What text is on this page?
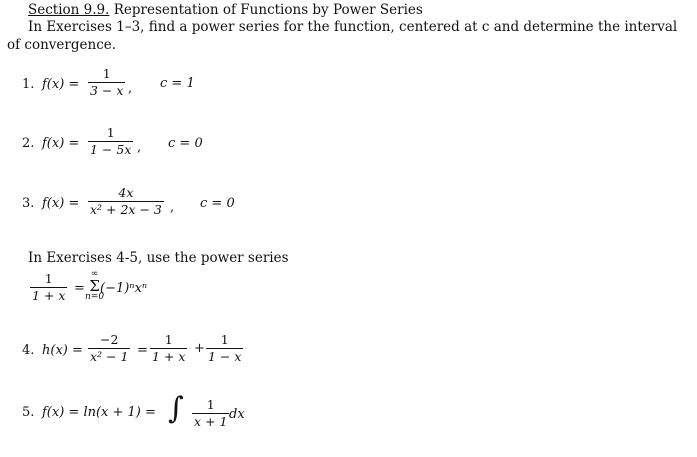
Section 9.9. Representation of Functions by Power Series
In Exercises 1–3, find a power series for the function, centered at c and determine the interval
of convergence.
1. f(x) =
1
3 − x , c = 1
2. f(x) =
1
1 − 5x , c = 0
3. f(x) =
4x
x² + 2x − 3 , c = 0
In Exercises 4-5, use the power series
1
1 + x =
∞
Σ
n=0
(−1)ⁿxⁿ
4. h(x) =
−2
x² − 1 =
1
1 + x
+
1
1 − x
5. f(x) = ln(x + 1) = ∫ 1
x + 1 dx
